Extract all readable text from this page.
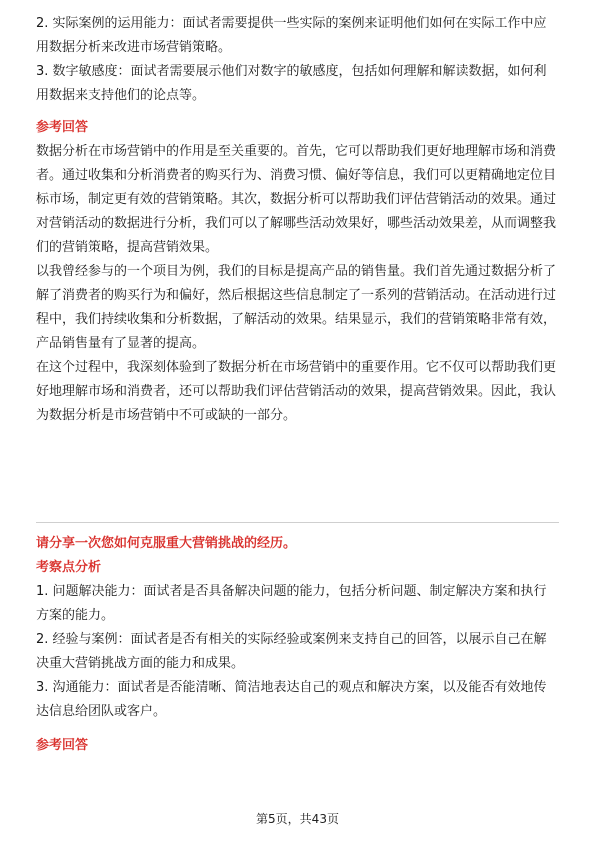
2. 实际案例的运用能力：面试者需要提供一些实际的案例来证明他们如何在实际工作中应用数据分析来改进市场营销策略。

3. 数字敏感度：面试者需要展示他们对数字的敏感度，包括如何理解和解读数据，如何利用数据来支持他们的论点等。

参考回答

数据分析在市场营销中的作用是至关重要的。首先，它可以帮助我们更好地理解市场和消费者。通过收集和分析消费者的购买行为、消费习惯、偏好等信息，我们可以更精确地定位目标市场，制定更有效的营销策略。其次，数据分析可以帮助我们评估营销活动的效果。通过对营销活动的数据进行分析，我们可以了解哪些活动效果好，哪些活动效果差，从而调整我们的营销策略，提高营销效果。

以我曾经参与的一个项目为例，我们的目标是提高产品的销售量。我们首先通过数据分析了解了消费者的购买行为和偏好，然后根据这些信息制定了一系列的营销活动。在活动进行过程中，我们持续收集和分析数据，了解活动的效果。结果显示，我们的营销策略非常有效，产品销售量有了显著的提高。

在这个过程中，我深刻体验到了数据分析在市场营销中的重要作用。它不仅可以帮助我们更好地理解市场和消费者，还可以帮助我们评估营销活动的效果，提高营销效果。因此，我认为数据分析是市场营销中不可或缺的一部分。

请分享一次您如何克服重大营销挑战的经历。

考察点分析

1. 问题解决能力：面试者是否具备解决问题的能力，包括分析问题、制定解决方案和执行方案的能力。

2. 经验与案例：面试者是否有相关的实际经验或案例来支持自己的回答，以展示自己在解决重大营销挑战方面的能力和成果。

3. 沟通能力：面试者是否能清晰、简洁地表达自己的观点和解决方案，以及能否有效地传达信息给团队或客户。

参考回答

第5页，共43页
